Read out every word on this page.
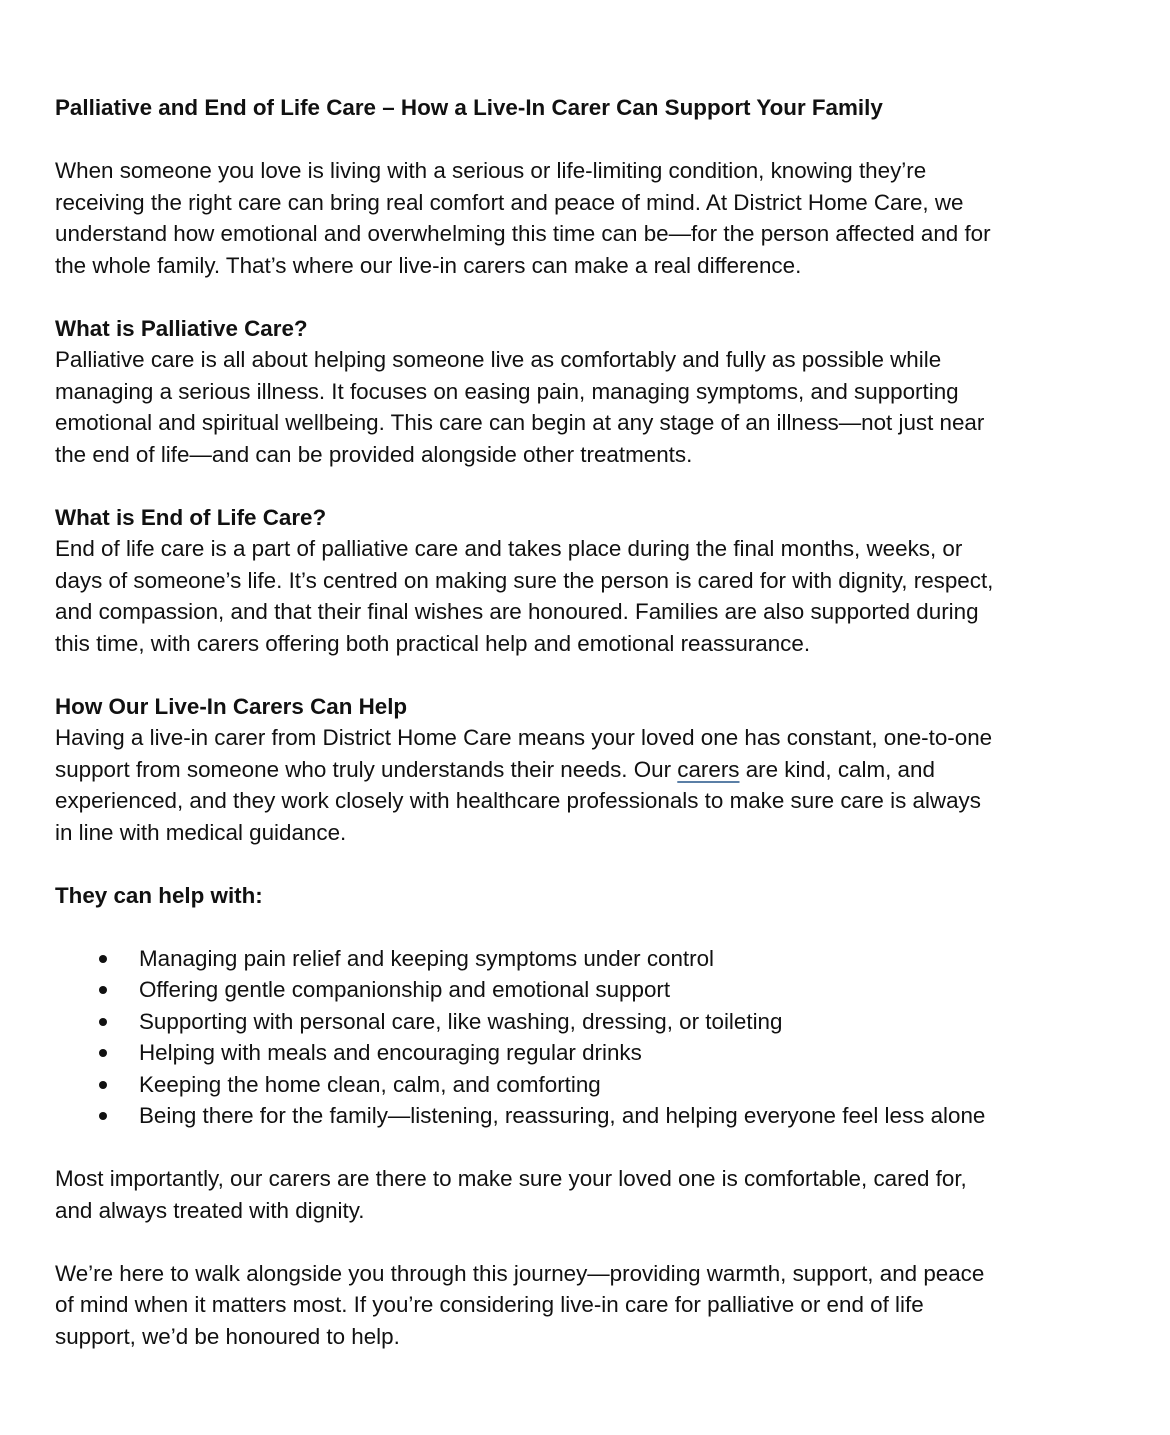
Palliative and End of Life Care – How a Live-In Carer Can Support Your Family
When someone you love is living with a serious or life-limiting condition, knowing they’re
receiving the right care can bring real comfort and peace of mind. At District Home Care, we
understand how emotional and overwhelming this time can be—for the person affected and for
the whole family. That’s where our live-in carers can make a real difference.
What is Palliative Care?
Palliative care is all about helping someone live as comfortably and fully as possible while
managing a serious illness. It focuses on easing pain, managing symptoms, and supporting
emotional and spiritual wellbeing. This care can begin at any stage of an illness—not just near
the end of life—and can be provided alongside other treatments.
What is End of Life Care?
End of life care is a part of palliative care and takes place during the final months, weeks, or
days of someone’s life. It’s centred on making sure the person is cared for with dignity, respect,
and compassion, and that their final wishes are honoured. Families are also supported during
this time, with carers offering both practical help and emotional reassurance.
How Our Live-In Carers Can Help
Having a live-in carer from District Home Care means your loved one has constant, one-to-one
support from someone who truly understands their needs. Our carers are kind, calm, and
experienced, and they work closely with healthcare professionals to make sure care is always
in line with medical guidance.
They can help with:
Managing pain relief and keeping symptoms under control
Offering gentle companionship and emotional support
Supporting with personal care, like washing, dressing, or toileting
Helping with meals and encouraging regular drinks
Keeping the home clean, calm, and comforting
Being there for the family—listening, reassuring, and helping everyone feel less alone
Most importantly, our carers are there to make sure your loved one is comfortable, cared for,
and always treated with dignity.
We’re here to walk alongside you through this journey—providing warmth, support, and peace
of mind when it matters most. If you’re considering live-in care for palliative or end of life
support, we’d be honoured to help.
